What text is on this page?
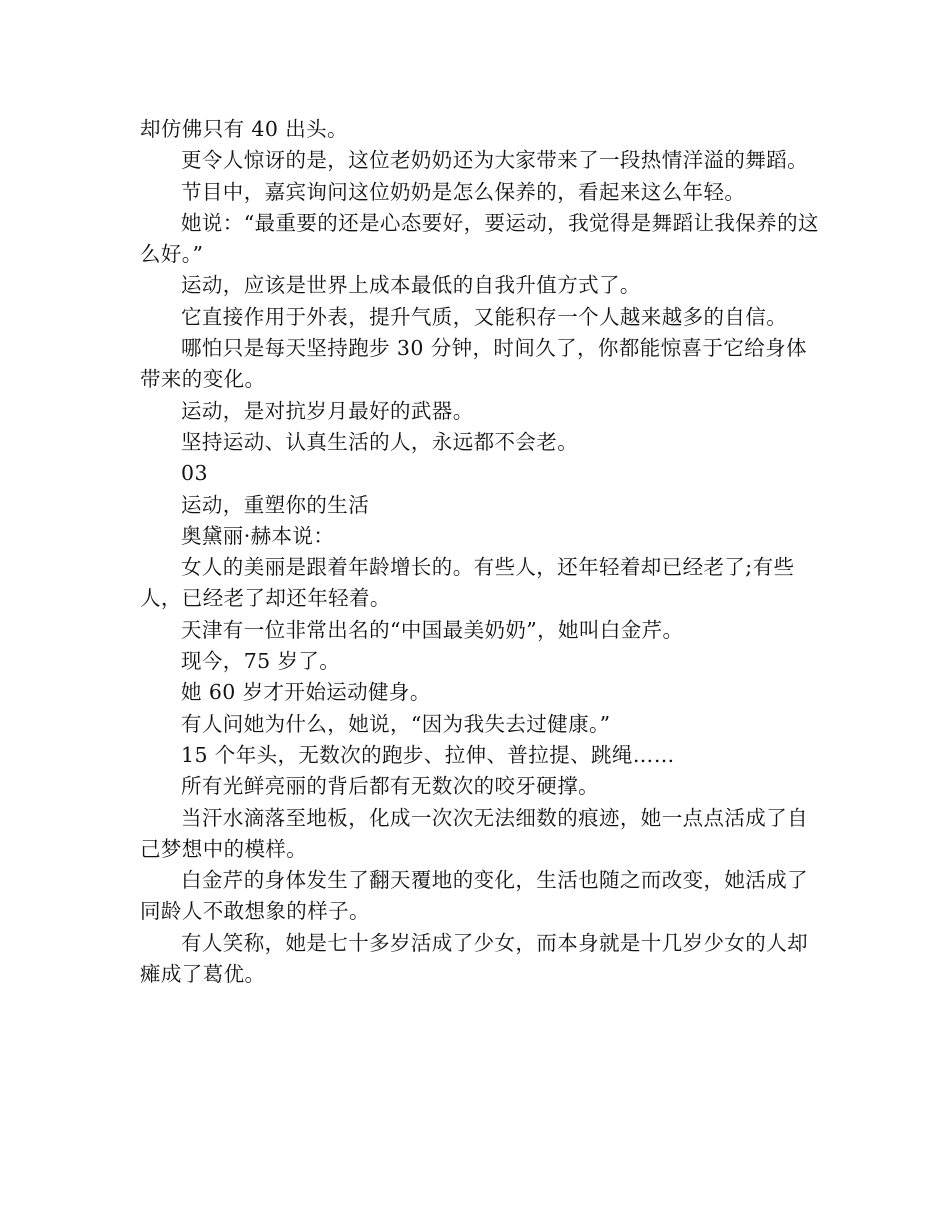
却仿佛只有 40 出头。

更令人惊讶的是，这位老奶奶还为大家带来了一段热情洋溢的舞蹈。

节目中，嘉宾询问这位奶奶是怎么保养的，看起来这么年轻。

她说：“最重要的还是心态要好，要运动，我觉得是舞蹈让我保养的这么好。”

运动，应该是世界上成本最低的自我升值方式了。

它直接作用于外表，提升气质，又能积存一个人越来越多的自信。

哪怕只是每天坚持跑步 30 分钟，时间久了，你都能惊喜于它给身体带来的变化。

运动，是对抗岁月最好的武器。

坚持运动、认真生活的人，永远都不会老。

03

运动，重塑你的生活

奥黛丽·赫本说：

女人的美丽是跟着年龄增长的。有些人，还年轻着却已经老了;有些人，已经老了却还年轻着。

天津有一位非常出名的“中国最美奶奶”，她叫白金芹。

现今，75 岁了。

她 60 岁才开始运动健身。

有人问她为什么，她说，“因为我失去过健康。”

15 个年头，无数次的跑步、拉伸、普拉提、跳绳……

所有光鲜亮丽的背后都有无数次的咬牙硬撑。

当汗水滴落至地板，化成一次次无法细数的痕迹，她一点点活成了自己梦想中的模样。

白金芹的身体发生了翻天覆地的变化，生活也随之而改变，她活成了同龄人不敢想象的样子。

有人笑称，她是七十多岁活成了少女，而本身就是十几岁少女的人却瘫成了葛优。
